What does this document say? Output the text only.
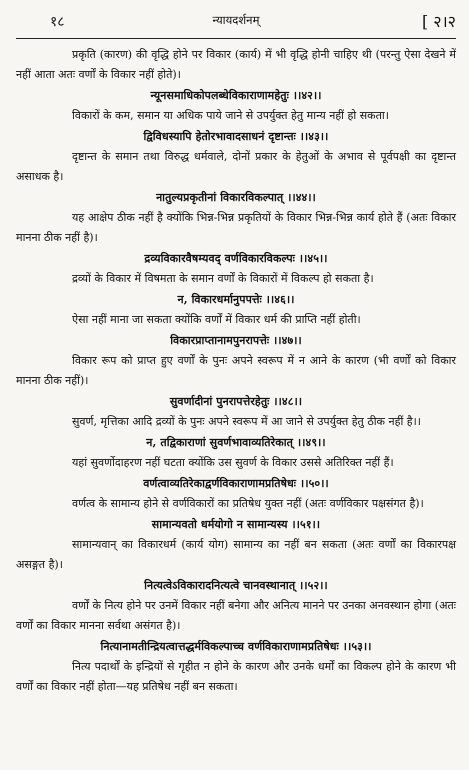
१८	न्यायदर्शनम्	[ २।२

प्रकृति (कारण) की वृद्धि होने पर विकार (कार्य) में भी वृद्धि होनी चाहिए थी (परन्तु ऐसा देखने में नहीं आता अतः वर्णों के विकार नहीं होते)।

न्यूनसमाधिकोपलब्धेविकाराणामहेतुः ।।४२।।

विकारों के कम, समान या अधिक पाये जाने से उपर्युक्त हेतु मान्य नहीं हो सकता।

द्विविधस्यापि हेतोरभावादसाधनं दृष्टान्तः ।।४३।।

दृष्टान्त के समान तथा विरुद्ध धर्मवाले, दोनों प्रकार के हेतुओं के अभाव से पूर्वपक्षी का दृष्टान्त असाधक है।

नातुल्यप्रकृतीनां विकारविकल्पात् ।।४४।।

यह आक्षेप ठीक नहीं है क्योंकि भिन्न-भिन्न प्रकृतियों के विकार भिन्न-भिन्न कार्य होते हैं (अतः विकार मानना ठीक नहीं है)।

द्रव्यविकारवैषम्यवद् वर्णविकारविकल्पः ।।४५।।

द्रव्यों के विकार में विषमता के समान वर्णों के विकारों में विकल्प हो सकता है।

न, विकारधर्मानुपपत्तेः ।।४६।।

ऐसा नहीं माना जा सकता क्योंकि वर्णों में विकार धर्म की प्राप्ति नहीं होती।

विकारप्राप्तानामपुनरापत्तेः ।।४७।।

विकार रूप को प्राप्त हुए वर्णों के पुनः अपने स्वरूप में न आने के कारण (भी वर्णों को विकार मानना ठीक नहीं)।

सुवर्णादीनां पुनरापत्तेरहेतुः ।।४८।।

सुवर्ण, मृत्तिका आदि द्रव्यों के पुनः अपने स्वरूप में आ जाने से उपर्युक्त हेतु ठीक नहीं है।।

न, तद्विकाराणां सुवर्णभावाव्यतिरेकात् ।।४९।।

यहां सुवर्णोदाहरण नहीं घटता क्योंकि उस सुवर्ण के विकार उससे अतिरिक्त नहीं हैं।

वर्णत्वाव्यतिरेकाद्वर्णविकाराणामप्रतिषेधः ।।५०।।

वर्णत्व के सामान्य होने से वर्णविकारों का प्रतिषेध युक्त नहीं (अतः वर्णविकार पक्षसंगत है)।

सामान्यवतो धर्मयोगो न सामान्यस्य ।।५१।।

सामान्यवान् का विकारधर्म (कार्य योग) सामान्य का नहीं बन सकता (अतः वर्णों का विकारपक्ष असङ्गत है)।

नित्यत्वेऽविकारादनित्यत्वे चानवस्थानात् ।।५२।।

वर्णों के नित्य होने पर उनमें विकार नहीं बनेगा और अनित्य मानने पर उनका अनवस्थान होगा (अतः वर्णों का विकार मानना सर्वथा असंगत है)।

नित्यानामतीन्द्रियत्वात्तद्धर्मविकल्पाच्च वर्णविकाराणामप्रतिषेधः ।।५३।।

नित्य पदार्थों के इन्द्रियों से गृहीत न होने के कारण और उनके धर्मों का विकल्प होने के कारण भी वर्णों का विकार नहीं होता—यह प्रतिषेध नहीं बन सकता।
